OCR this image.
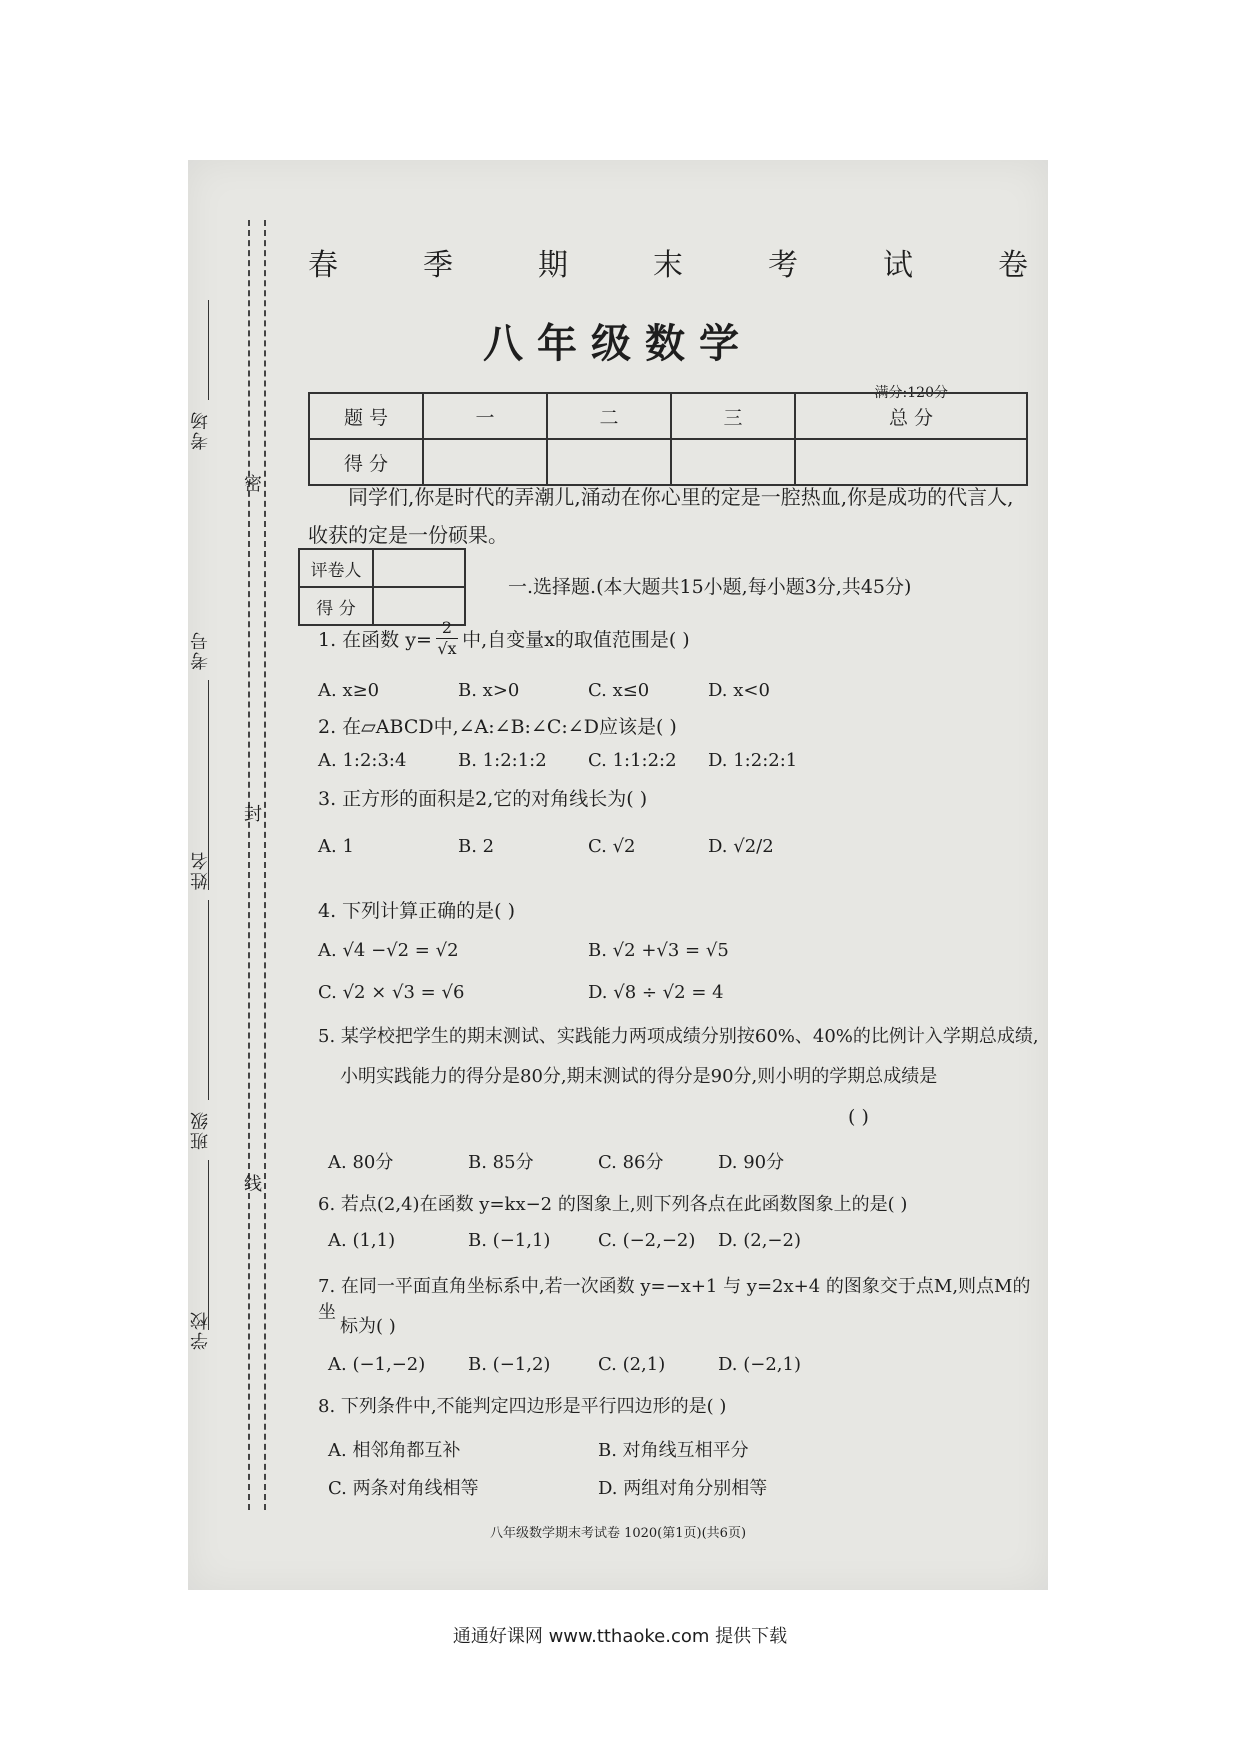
考场
考号
姓名
班级
学校
密
封
线
春	季	期	末	考	试	卷
八年级数学
满分:120分
题 号	一	二	三	总 分
得 分				
同学们,你是时代的弄潮儿,涌动在你心里的定是一腔热血,你是成功的代言人,收获的定是一份硕果。
评卷人	
得 分	
一.选择题.(本大题共15小题,每小题3分,共45分)
1. 在函数 $y= \frac{2}{√x}$ 中,自变量x的取值范围是( )
A. x≥0	B. x>0	C. x≤0	D. x<0
2. 在▱ABCD中,∠A:∠B:∠C:∠D应该是( )
A. 1:2:3:4	B. 1:2:1:2 C. 1:1:2:2 D. 1:2:2:1
3. 正方形的面积是2,它的对角线长为( )
A. 1	B. 2	C. √2	D. √2/2
4. 下列计算正确的是( )
A. √4 −√2 = √2	B. √2 +√3 = √5
C. √2 × √3 = √6	D. √8 ÷ √2 = 4
5. 某学校把学生的期末测试、实践能力两项成绩分别按60%、40%的比例计入学期总成绩,
小明实践能力的得分是80分,期末测试的得分是90分,则小明的学期总成绩是
( )
A. 80分	B. 85分	C. 86分	D. 90分
6. 若点(2,4)在函数 y=kx−2 的图象上,则下列各点在此函数图象上的是( )
A. (1,1)	B. (−1,1)	C. (−2,−2) D. (2,−2)
7. 在同一平面直角坐标系中,若一次函数 y=−x+1 与 y=2x+4 的图象交于点M,则点M的坐
标为( )
A. (−1,−2) B. (−1,2)	C. (2,1)	D. (−2,1)
8. 下列条件中,不能判定四边形是平行四边形的是( )
A. 相邻角都互补	B. 对角线互相平分
C. 两条对角线相等	D. 两组对角分别相等
八年级数学期末考试卷 1020(第1页)(共6页)
通通好课网 www.tthaoke.com 提供下载
